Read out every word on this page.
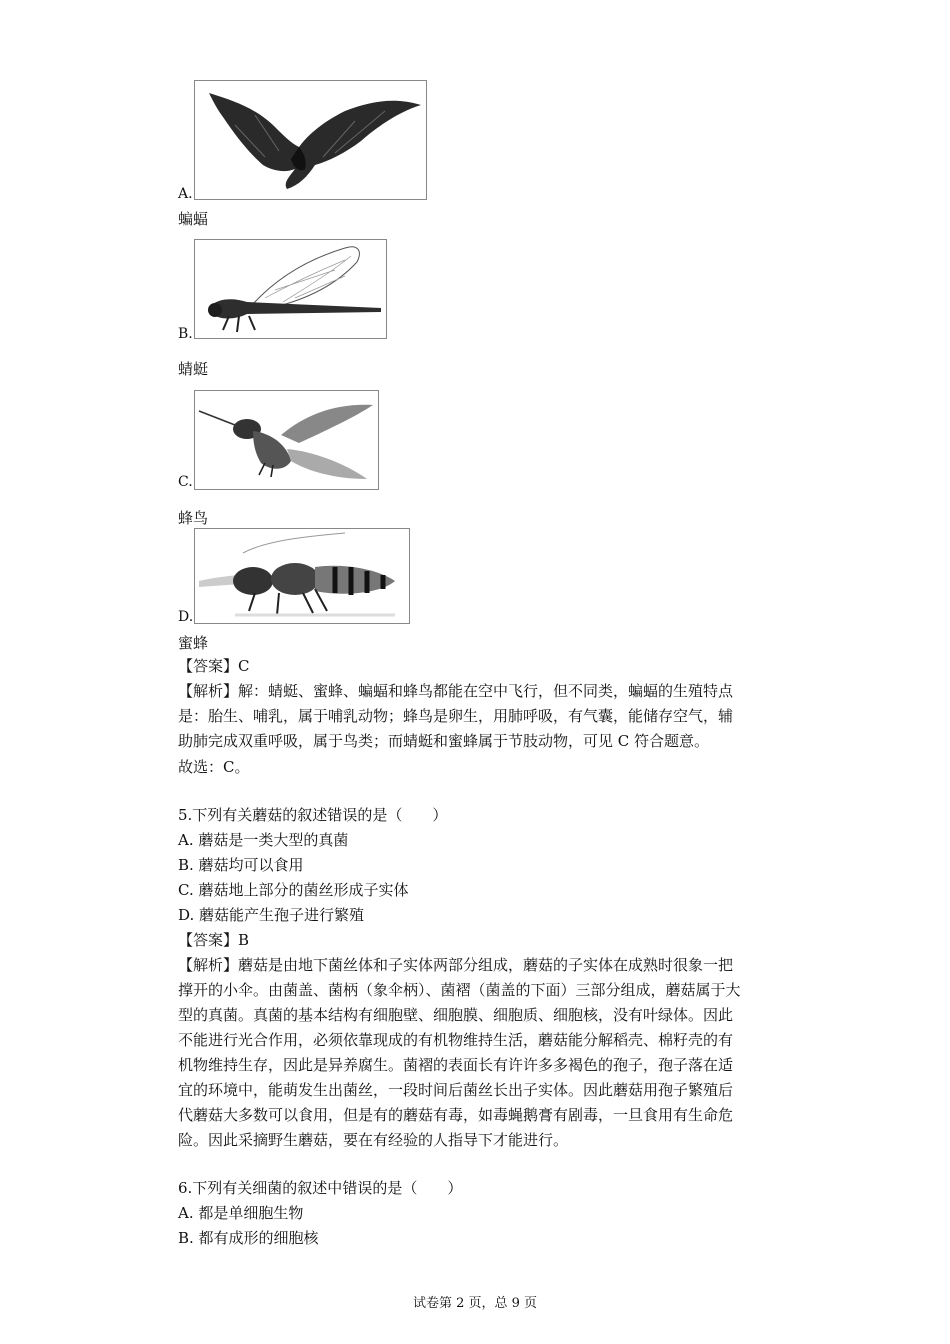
A.
蝙蝠
B.
蜻蜓
C.
蜂鸟
D.
蜜蜂
【答案】C
【解析】解：蜻蜓、蜜蜂、蝙蝠和蜂鸟都能在空中飞行，但不同类，蝙蝠的生殖特点
是：胎生、哺乳，属于哺乳动物；蜂鸟是卵生，用肺呼吸，有气囊，能储存空气，辅
助肺完成双重呼吸，属于鸟类；而蜻蜓和蜜蜂属于节肢动物，可见 C 符合题意。
故选：C。
5.下列有关蘑菇的叙述错误的是（　　）
A. 蘑菇是一类大型的真菌
B. 蘑菇均可以食用
C. 蘑菇地上部分的菌丝形成子实体
D. 蘑菇能产生孢子进行繁殖
【答案】B
【解析】蘑菇是由地下菌丝体和子实体两部分组成，蘑菇的子实体在成熟时很象一把
撑开的小伞。由菌盖、菌柄（象伞柄）、菌褶（菌盖的下面）三部分组成，蘑菇属于大
型的真菌。真菌的基本结构有细胞壁、细胞膜、细胞质、细胞核，没有叶绿体。因此
不能进行光合作用，必须依靠现成的有机物维持生活，蘑菇能分解稻壳、棉籽壳的有
机物维持生存，因此是异养腐生。菌褶的表面长有许许多多褐色的孢子，孢子落在适
宜的环境中，能萌发生出菌丝，一段时间后菌丝长出子实体。因此蘑菇用孢子繁殖后
代蘑菇大多数可以食用，但是有的蘑菇有毒，如毒蝇鹅膏有剧毒，一旦食用有生命危
险。因此采摘野生蘑菇，要在有经验的人指导下才能进行。
6.下列有关细菌的叙述中错误的是（　　）
A. 都是单细胞生物
B. 都有成形的细胞核
试卷第 2 页，总 9 页
